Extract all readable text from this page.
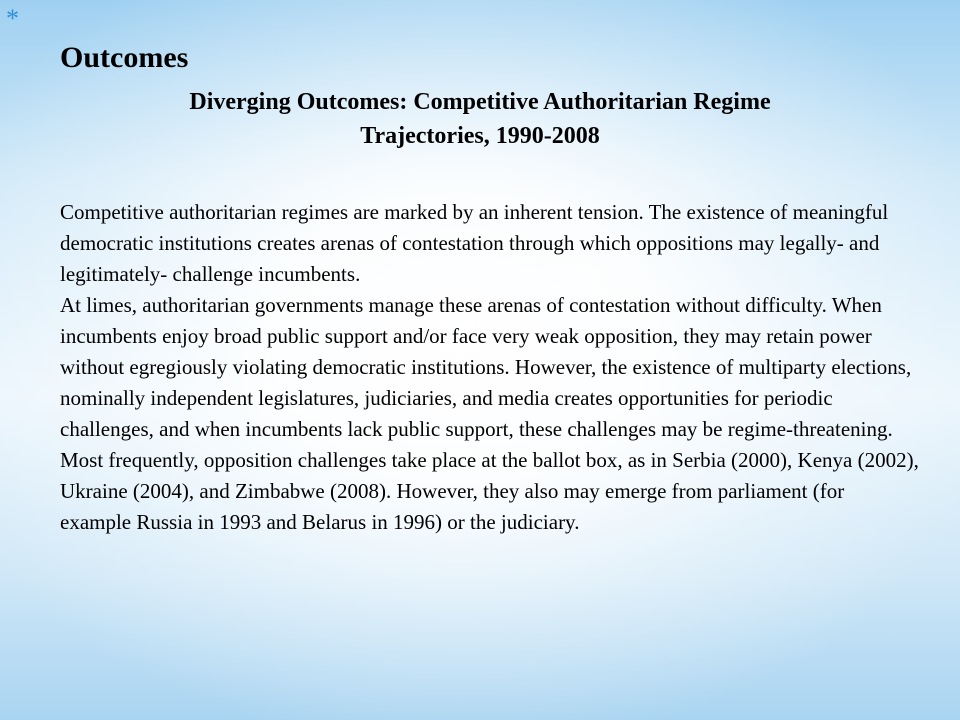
*
Outcomes
Diverging Outcomes: Competitive Authoritarian Regime
Trajectories, 1990-2008

Competitive authoritarian regimes are marked by an inherent tension. The existence of meaningful democratic institutions creates arenas of contestation through which oppositions may legally- and legitimately- challenge incumbents.

At limes, authoritarian governments manage these arenas of contestation without difficulty. When incumbents enjoy broad public support and/or face very weak opposition, they may retain power without egregiously violating democratic institutions. However, the existence of multiparty elections, nominally independent legislatures, judiciaries, and media creates opportunities for periodic challenges, and when incumbents lack public support, these challenges may be regime-threatening.

Most frequently, opposition challenges take place at the ballot box, as in Serbia (2000), Kenya (2002), Ukraine (2004), and Zimbabwe (2008). However, they also may emerge from parliament (for example Russia in 1993 and Belarus in 1996) or the judiciary.
